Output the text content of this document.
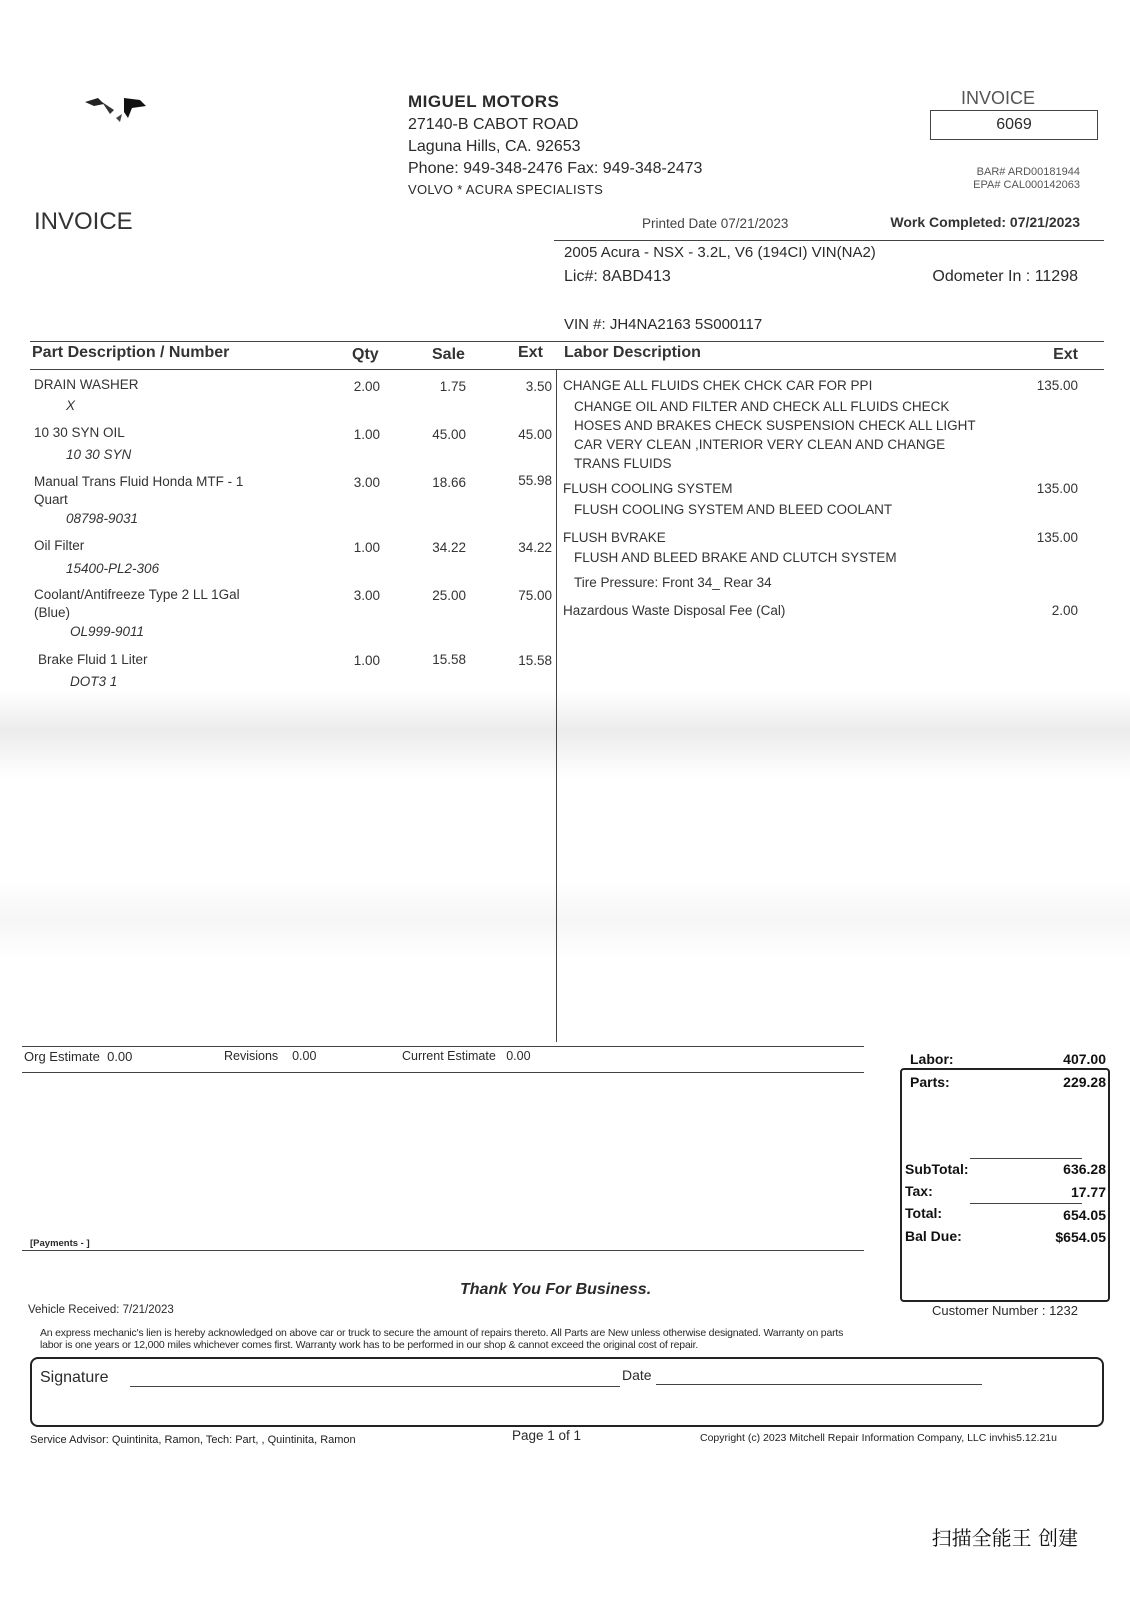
MIGUEL MOTORS
27140-B CABOT ROAD
Laguna Hills, CA. 92653
Phone: 949-348-2476 Fax: 949-348-2473
VOLVO * ACURA SPECIALISTS
INVOICE
6069
BAR# ARD00181944
EPA# CAL000142063
INVOICE	Printed Date 07/21/2023	Work Completed: 07/21/2023
2005 Acura - NSX - 3.2L, V6 (194CI) VIN(NA2)
Lic#: 8ABD413	Odometer In : 11298
VIN #: JH4NA2163 5S000117
Part Description / Number	Qty	Sale	Ext Labor Description	Ext
DRAIN WASHER
X
2.00	1.75	3.50
10 30 SYN OIL
10 30 SYN
1.00	45.00	45.00
Manual Trans Fluid Honda MTF - 1
Quart
08798-9031
3.00	18.66	55.98
Oil Filter
15400-PL2-306
1.00	34.22	34.22
Coolant/Antifreeze Type 2 LL 1Gal
(Blue)
OL999-9011
3.00	25.00	75.00
Brake Fluid 1 Liter
DOT3 1
1.00	15.58	15.58
CHANGE ALL FLUIDS CHEK CHCK CAR FOR PPI	135.00
CHANGE OIL AND FILTER AND CHECK ALL FLUIDS CHECK
HOSES AND BRAKES CHECK SUSPENSION CHECK ALL LIGHT
CAR VERY CLEAN ,INTERIOR VERY CLEAN AND CHANGE
TRANS FLUIDS
FLUSH COOLING SYSTEM	135.00
FLUSH COOLING SYSTEM AND BLEED COOLANT
FLUSH BVRAKE	135.00
FLUSH AND BLEED BRAKE AND CLUTCH SYSTEM
Tire Pressure: Front 34_ Rear 34
Hazardous Waste Disposal Fee (Cal)	2.00
Org Estimate 0.00	Revisions 0.00	Current Estimate 0.00
[Payments - ]
Labor:	407.00
Parts:	229.28
SubTotal:	636.28
Tax:	17.77
Total:	654.05
Bal Due:	$654.05
Thank You For Business.
Vehicle Received: 7/21/2023	Customer Number : 1232
An express mechanic's lien is hereby acknowledged on above car or truck to secure the amount of repairs thereto. All Parts are New unless otherwise designated. Warranty on parts
labor is one years or 12,000 miles whichever comes first. Warranty work has to be performed in our shop & cannot exceed the original cost of repair.
Signature	Date
Service Advisor: Quintinita, Ramon, Tech: Part, , Quintinita, Ramon	Page 1 of 1	Copyright (c) 2023 Mitchell Repair Information Company, LLC invhis5.12.21u
扫描全能王 创建
